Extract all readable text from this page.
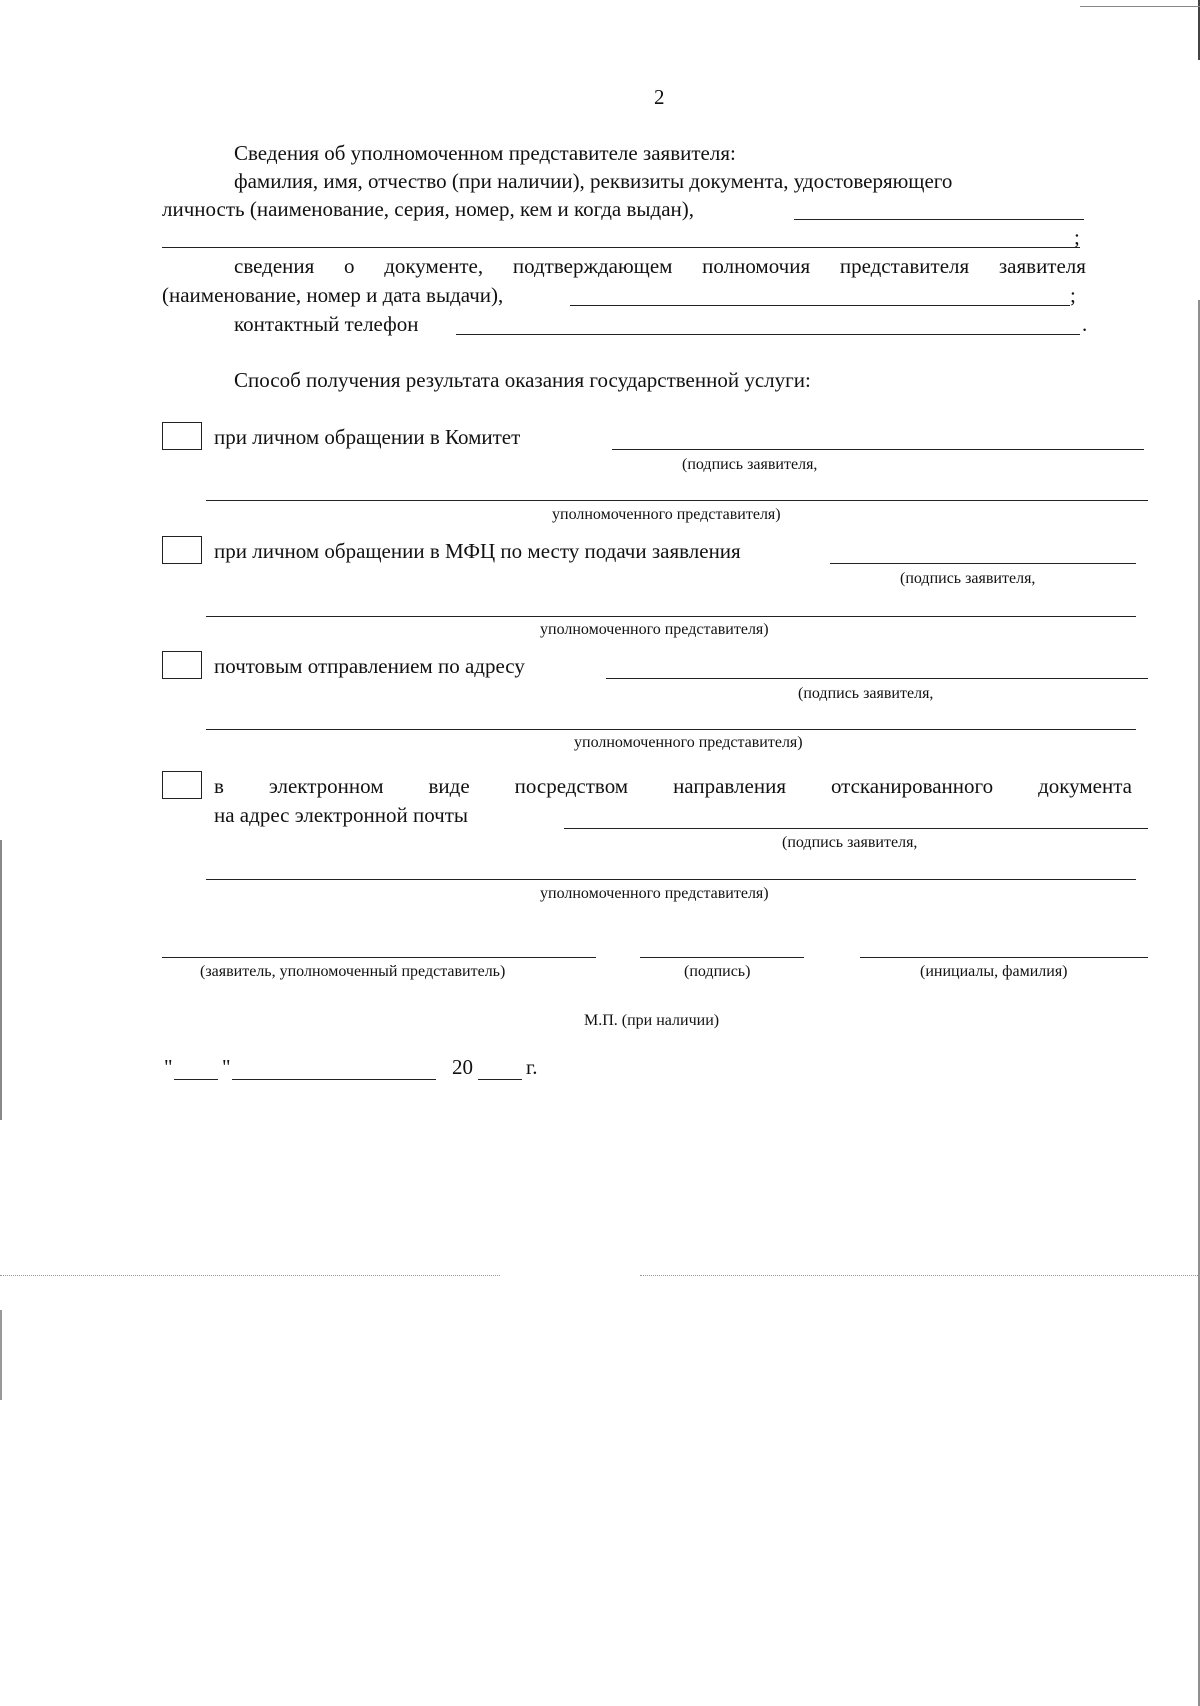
2
Сведения об уполномоченном представителе заявителя:
фамилия, имя, отчество (при наличии), реквизиты документа, удостоверяющего
личность (наименование, серия, номер, кем и когда выдан),
;
сведения о документе, подтверждающем полномочия представителя заявителя
(наименование, номер и дата выдачи),	;
контактный телефон	.
Способ получения результата оказания государственной услуги:
при личном обращении в Комитет
(подпись заявителя,
уполномоченного представителя)
при личном обращении в МФЦ по месту подачи заявления
(подпись заявителя,
уполномоченного представителя)
почтовым отправлением по адресу
(подпись заявителя,
уполномоченного представителя)
в электронном виде посредством направления отсканированного документа
на адрес электронной почты
(подпись заявителя,
уполномоченного представителя)
(заявитель, уполномоченный представитель)	(подпись)	(инициалы, фамилия)
М.П. (при наличии)
" "	20	г.
